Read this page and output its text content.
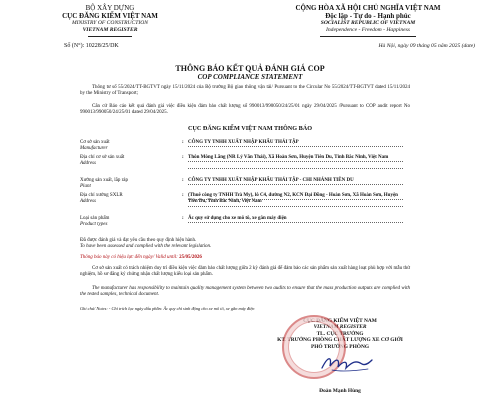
BỘ XÂY DỰNG
CỤC ĐĂNG KIỂM VIỆT NAM
MINISTRY OF CONSTRUCTION
VIETNAM REGISTER
Số (N°): 10228/25/DK
CỘNG HÒA XÃ HỘI CHỦ NGHĨA VIỆT NAM
Độc lập - Tự do - Hạnh phúc
SOCIALIST REPUBLIC OF VIETNAM
Independence - Freedom - Happiness
Hà Nội, ngày 09 tháng 05 năm 2025 (date)
THÔNG BÁO KẾT QUẢ ĐÁNH GIÁ COP
COP COMPLIANCE STATEMENT
Thông tư số 55/2024/TT-BGTVT ngày 15/11/2024 của Bộ trưởng Bộ giao thông vận tải/ Pursuant to the Circular No 55/2024/TT-BGTVT dated 15/11/2024 by the Ministry of Transport;
Căn cứ Báo cáo kết quả đánh giá việc điều kiện đảm bảo chất lượng số 990013/990050/24/25/01 ngày 29/04/2025 /Pursuant to COP audit report No 990013/990050/24/25/01 dated 29/04/2025.
CỤC ĐĂNG KIỂM VIỆT NAM THÔNG BÁO
Cơ sở sản xuất
Manufacturer
: CÔNG TY TNHH XUẤT NHẬP KHẨU THÁI TẬP
Địa chỉ cơ sở sản xuất
Address
: Thôn Mông Lãng (NR Lý Văn Thái), Xã Hoàn Sơn, Huyện Tiên Du, Tỉnh Bắc Ninh, Việt Nam
Xưởng sản xuất, lắp ráp
Plant
: CÔNG TY TNHH XUẤT NHẬP KHẨU THÁI TẬP - CHI NHÁNH TIÊN DU
Địa chỉ xưởng SXLR
Address
: (Thuê công ty TNHH Trà My), lô C4, đường N2, KCN Đại Đồng - Hoàn Sơn, Xã Hoàn Sơn, Huyện Tiên Du, Tỉnh Bắc Ninh, Việt Nam
Loại sản phẩm
Product types
: Ắc quy sử dụng cho xe mô tô, xe gắn máy điện
Đã được đánh giá và đạt yêu cầu theo quy định hiện hành.
To have been assessed and complied with the relevant legislation.
Thông báo này có hiệu lực đến ngày/ Valid until: 25/05/2026
Cơ sở sản xuất có trách nhiệm duy trì điều kiện việc đảm bảo chất lượng giữa 2 kỳ đánh giá để đảm bảo các sản phẩm sản xuất hàng loạt phù hợp với mẫu thử nghiệm, hồ sơ đăng ký chứng nhận chất lượng kiểu loại sản phẩm.
The manufacturer has responsibility to maintain quality management system between two audits to ensure that the mass production outputs are complied with the tested samples, technical document.
Ghi chú/ Notes: - Chỉ trích lục ngày dấu phần: Ắc quy chỉ sinh động cho xe mô tô, xe gắn máy điện
CỤC ĐĂNG KIỂM VIỆT NAM
VIETNAM REGISTER
TL. CỤC TRƯỞNG
KT. TRƯỞNG PHÒNG CHẤT LƯỢNG XE CƠ GIỚI
PHÓ TRƯỞNG PHÒNG
Đoàn Mạnh Hùng
